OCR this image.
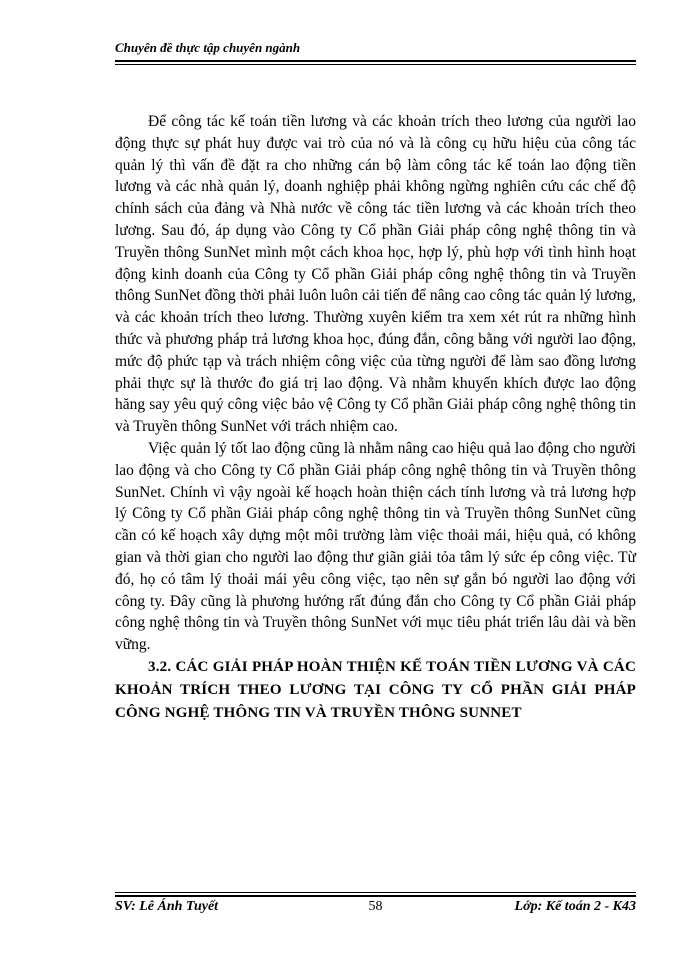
Chuyên đề thực tập chuyên ngành

Để công tác kế toán tiền lương và các khoản trích theo lương của người lao động thực sự phát huy được vai trò của nó và là công cụ hữu hiệu của công tác quản lý thì vấn đề đặt ra cho những cán bộ làm công tác kế toán lao động tiền lương và các nhà quản lý, doanh nghiệp phải không ngừng nghiên cứu các chế độ chính sách của đảng và Nhà nước về công tác tiền lương và các khoản trích theo lương. Sau đó, áp dụng vào Công ty Cổ phần Giải pháp công nghệ thông tin và Truyền thông SunNet mình một cách khoa học, hợp lý, phù hợp với tình hình hoạt động kinh doanh của Công ty Cổ phần Giải pháp công nghệ thông tin và Truyền thông SunNet đồng thời phải luôn luôn cải tiến để nâng cao công tác quản lý lương, và các khoản trích theo lương. Thường xuyên kiểm tra xem xét rút ra những hình thức và phương pháp trả lương khoa học, đúng đắn, công bằng với người lao động, mức độ phức tạp và trách nhiệm công việc của từng người để làm sao đồng lương phải thực sự là thước đo giá trị lao động. Và nhằm khuyến khích được lao động hăng say yêu quý công việc bảo vệ Công ty Cổ phần Giải pháp công nghệ thông tin và Truyền thông SunNet với trách nhiệm cao.

Việc quản lý tốt lao động cũng là nhằm nâng cao hiệu quả lao động cho người lao động và cho Công ty Cổ phần Giải pháp công nghệ thông tin và Truyền thông SunNet. Chính vì vậy ngoài kế hoạch hoàn thiện cách tính lương và trả lương hợp lý Công ty Cổ phần Giải pháp công nghệ thông tin và Truyền thông SunNet cũng cần có kế hoạch xây dựng một môi trường làm việc thoải mái, hiệu quả, có không gian và thời gian cho người lao động thư giãn giải tỏa tâm lý sức ép công việc. Từ đó, họ có tâm lý thoải mái yêu công việc, tạo nên sự gắn bó người lao động với công ty. Đây cũng là phương hướng rất đúng đắn cho Công ty Cổ phần Giải pháp công nghệ thông tin và Truyền thông SunNet với mục tiêu phát triển lâu dài và bền vững.

3.2. CÁC GIẢI PHÁP HOÀN THIỆN KẾ TOÁN TIỀN LƯƠNG VÀ CÁC KHOẢN TRÍCH THEO LƯƠNG TẠI CÔNG TY CỔ PHẦN GIẢI PHÁP CÔNG NGHỆ THÔNG TIN VÀ TRUYỀN THÔNG SUNNET

SV: Lê Ánh Tuyết	58	Lớp: Kế toán 2 - K43
